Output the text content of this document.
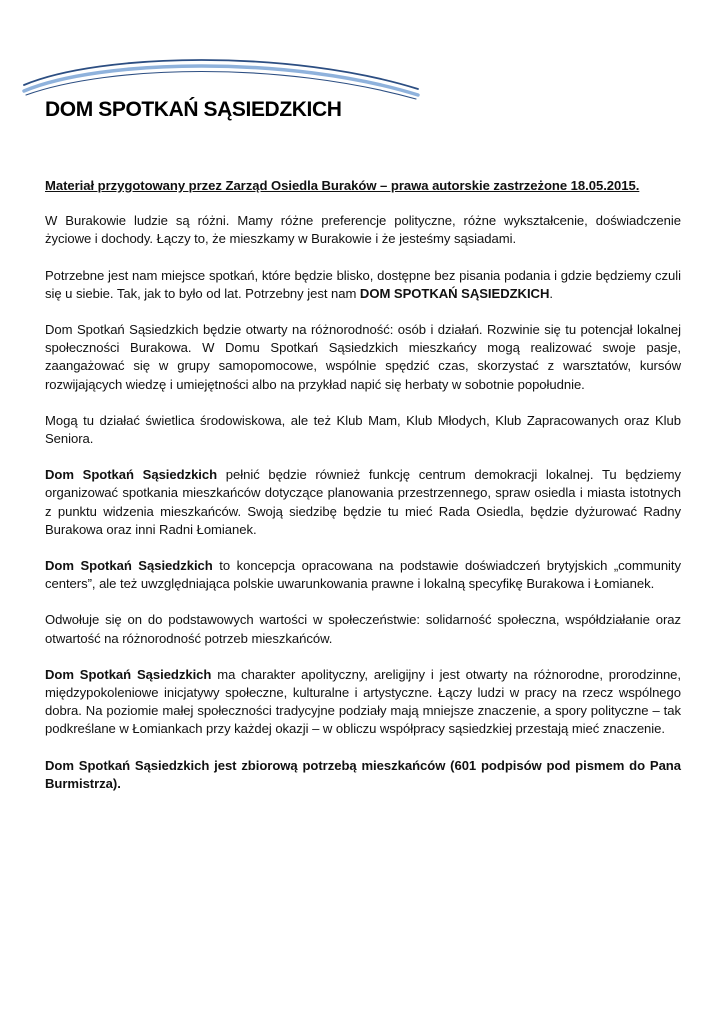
DOM SPOTKAŃ SĄSIEDZKICH

Materiał przygotowany przez Zarząd Osiedla Buraków – prawa autorskie zastrzeżone 18.05.2015.

W Burakowie ludzie są różni. Mamy różne preferencje polityczne, różne wykształcenie, doświadczenie życiowe i dochody. Łączy to, że mieszkamy w Burakowie i że jesteśmy sąsiadami.

Potrzebne jest nam miejsce spotkań, które będzie blisko, dostępne bez pisania podania i gdzie będziemy czuli się u siebie. Tak, jak to było od lat. Potrzebny jest nam DOM SPOTKAŃ SĄSIEDZKICH.

Dom Spotkań Sąsiedzkich będzie otwarty na różnorodność: osób i działań. Rozwinie się tu potencjał lokalnej społeczności Burakowa. W Domu Spotkań Sąsiedzkich mieszkańcy mogą realizować swoje pasje, zaangażować się w grupy samopomocowe, wspólnie spędzić czas, skorzystać z warsztatów, kursów rozwijających wiedzę i umiejętności albo na przykład napić się herbaty w sobotnie popołudnie.

Mogą tu działać świetlica środowiskowa, ale też Klub Mam, Klub Młodych, Klub Zapracowanych oraz Klub Seniora.

Dom Spotkań Sąsiedzkich pełnić będzie również funkcję centrum demokracji lokalnej. Tu będziemy organizować spotkania mieszkańców dotyczące planowania przestrzennego, spraw osiedla i miasta istotnych z punktu widzenia mieszkańców. Swoją siedzibę będzie tu mieć Rada Osiedla, będzie dyżurować Radny Burakowa oraz inni Radni Łomianek.

Dom Spotkań Sąsiedzkich to koncepcja opracowana na podstawie doświadczeń brytyjskich „community centers”, ale też uwzględniająca polskie uwarunkowania prawne i lokalną specyfikę Burakowa i Łomianek.

Odwołuje się on do podstawowych wartości w społeczeństwie: solidarność społeczna, współdziałanie oraz otwartość na różnorodność potrzeb mieszkańców.

Dom Spotkań Sąsiedzkich ma charakter apolityczny, areligijny i jest otwarty na różnorodne, prorodzinne, międzypokoleniowe inicjatywy społeczne, kulturalne i artystyczne. Łączy ludzi w pracy na rzecz wspólnego dobra. Na poziomie małej społeczności tradycyjne podziały mają mniejsze znaczenie, a spory polityczne – tak podkreślane w Łomiankach przy każdej okazji – w obliczu współpracy sąsiedzkiej przestają mieć znaczenie.

Dom Spotkań Sąsiedzkich jest zbiorową potrzebą mieszkańców (601 podpisów pod pismem do Pana Burmistrza).
